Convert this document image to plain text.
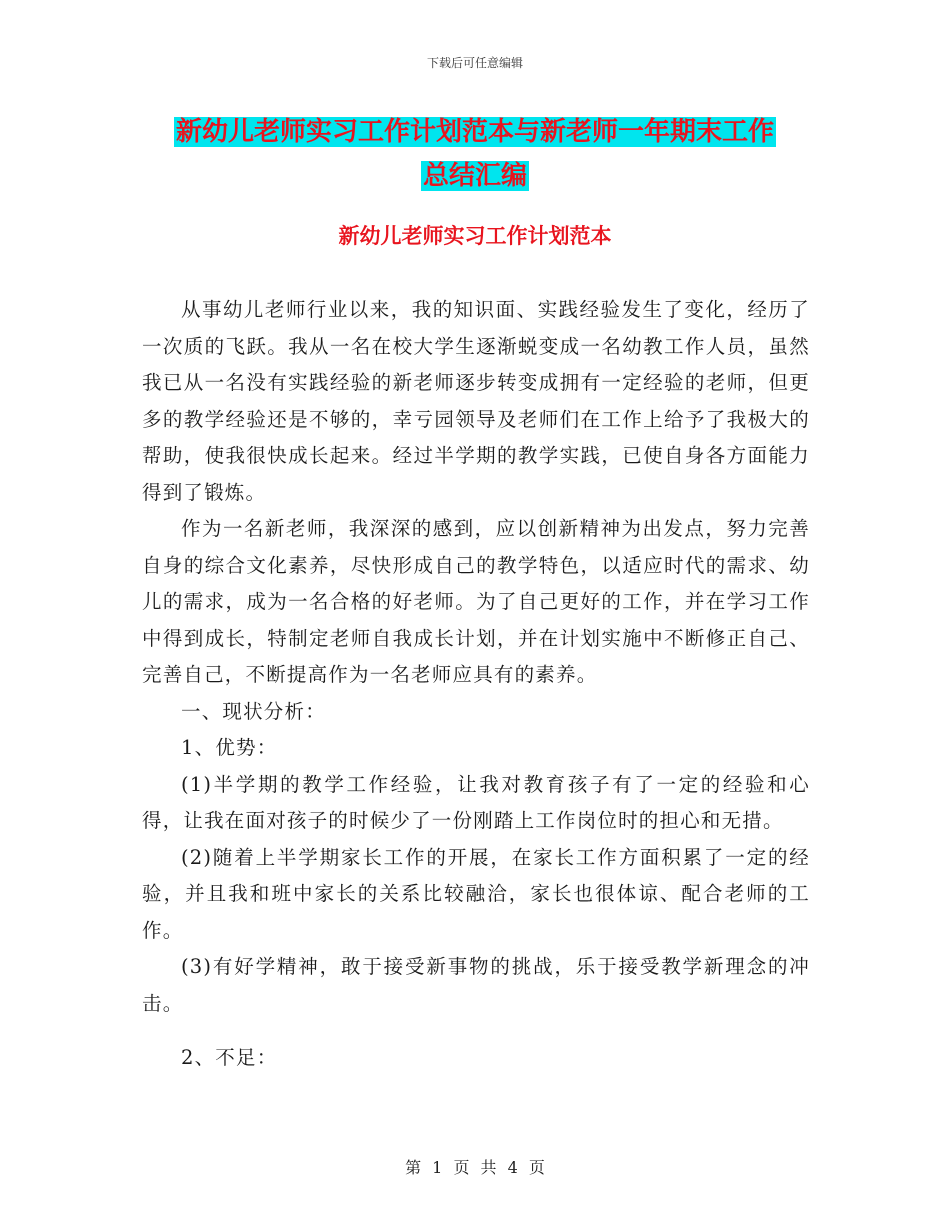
下载后可任意编辑
新幼儿老师实习工作计划范本与新老师一年期末工作
总结汇编
新幼儿老师实习工作计划范本

从事幼儿老师行业以来，我的知识面、实践经验发生了变化，经历了一次质的飞跃。我从一名在校大学生逐渐蜕变成一名幼教工作人员，虽然我已从一名没有实践经验的新老师逐步转变成拥有一定经验的老师，但更多的教学经验还是不够的，幸亏园领导及老师们在工作上给予了我极大的帮助，使我很快成长起来。经过半学期的教学实践，已使自身各方面能力得到了锻炼。

作为一名新老师，我深深的感到，应以创新精神为出发点，努力完善自身的综合文化素养，尽快形成自己的教学特色，以适应时代的需求、幼儿的需求，成为一名合格的好老师。为了自己更好的工作，并在学习工作中得到成长，特制定老师自我成长计划，并在计划实施中不断修正自己、完善自己，不断提高作为一名老师应具有的素养。

一、现状分析：

1、优势：

(1)半学期的教学工作经验，让我对教育孩子有了一定的经验和心得，让我在面对孩子的时候少了一份刚踏上工作岗位时的担心和无措。

(2)随着上半学期家长工作的开展，在家长工作方面积累了一定的经验，并且我和班中家长的关系比较融洽，家长也很体谅、配合老师的工作。

(3)有好学精神，敢于接受新事物的挑战，乐于接受教学新理念的冲击。

2、不足：

第 1 页 共 4 页
